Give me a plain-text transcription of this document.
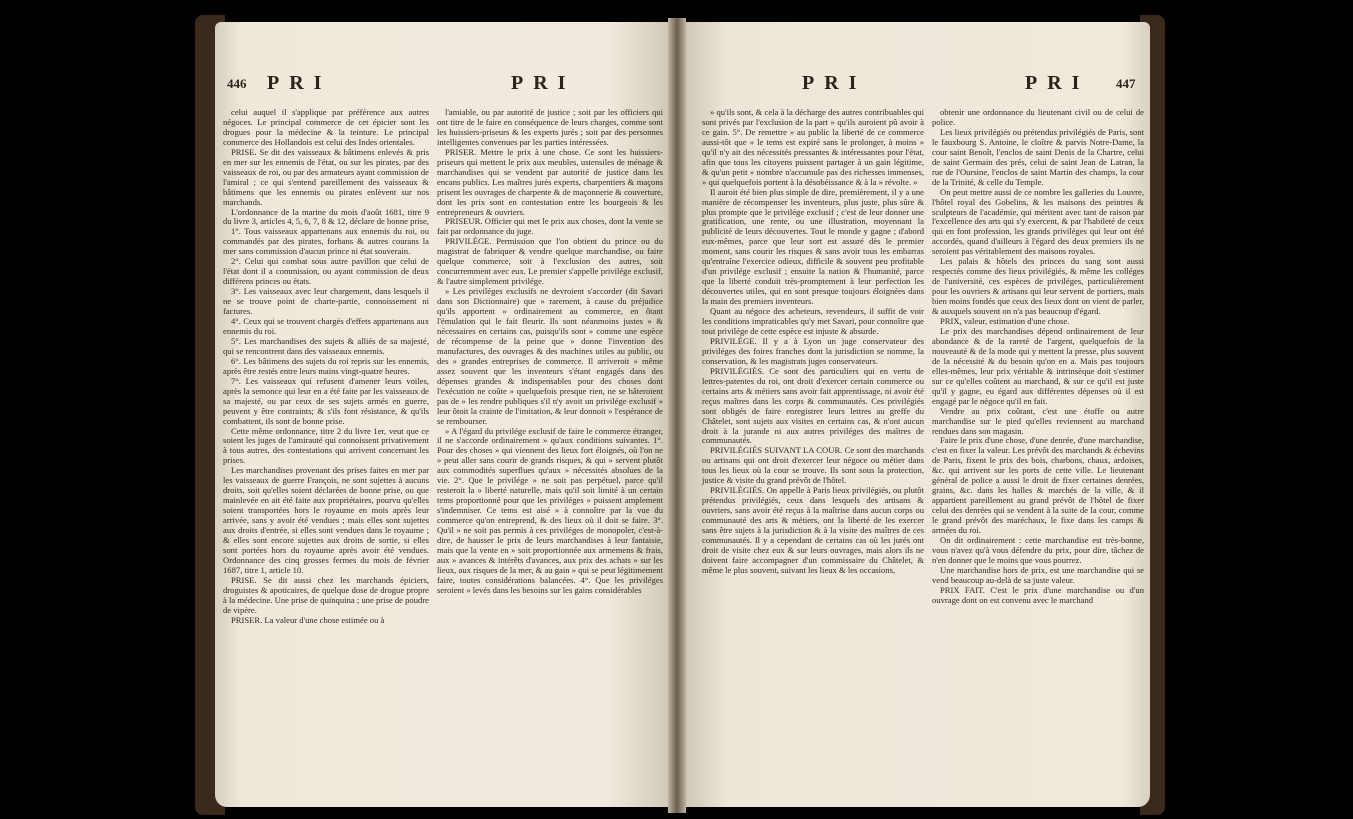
446 PRI	PRI

celui auquel il s'applique par préférence aux autres négoces. Le principal commerce de cet épicier sont les drogues pour la médecine & la teinture. Le principal commerce des Hollandois est celui des Indes orientales.

PRISE. Se dit des vaisseaux & bâtimens enlevés & pris en mer sur les ennemis de l'état, ou sur les pirates, par des vaisseaux de roi, ou par des armateurs ayant commission de l'amiral ; ce qui s'entend pareillement des vaisseaux & bâtimens que les ennemis ou pirates enlèvent sur nos marchands.

L'ordonnance de la marine du mois d'août 1681, titre 9 du livre 3, articles 4, 5, 6, 7, 8 & 12, déclare de bonne prise,

1°. Tous vaisseaux appartenans aux ennemis du roi, ou commandés par des pirates, forbans & autres courans la mer sans commission d'aucun prince ni état souverain.

2°. Celui qui combat sous autre pavillon que celui de l'état dont il a commission, ou ayant commission de deux différens princes ou états.

3°. Les vaisseaux avec leur chargement, dans lesquels il ne se trouve point de charte-partie, connoissement ni factures.

4°. Ceux qui se trouvent chargés d'effets appartenans aux ennemis du roi.

5°. Les marchandises des sujets & alliés de sa majesté, qui se rencontrent dans des vaisseaux ennemis.

6°. Les bâtimens des sujets du roi repris sur les ennemis, après être restés entre leurs mains vingt-quatre heures.

7°. Les vaisseaux qui refusent d'amener leurs voiles, après la semonce qui leur en a été faite par les vaisseaux de sa majesté, ou par ceux de ses sujets armés en guerre, peuvent y être contraints; & s'ils font résistance, & qu'ils combattent, ils sont de bonne prise.

Cette même ordonnance, titre 2 du livre 1er, veut que ce soient les juges de l'amirauté qui connoissent privativement à tous autres, des contestations qui arrivent concernant les prises.

Les marchandises provenant des prises faites en mer par les vaisseaux de guerre François, ne sont sujettes à aucuns droits, soit qu'elles soient déclarées de bonne prise, ou que mainlevée en ait été faite aux propriétaires, pourvu qu'elles soient transportées hors le royaume en mois après leur arrivée, sans y avoir été vendues ; mais elles sont sujettes aux droits d'entrée, si elles sont vendues dans le royaume ; & elles sont encore sujettes aux droits de sortie, si elles sont portées hors du royaume après avoir été vendues. Ordonnance des cinq grosses fermes du mois de février 1687, titre 1, article 10.

PRISE. Se dit aussi chez les marchands épiciers, droguistes & apoticaires, de quelque dose de drogue propre à la médecine. Une prise de quinquina ; une prise de poudre de vipère.

PRISER. La valeur d'une chose estimée ou à

l'amiable, ou par autorité de justice ; soit par les officiers qui ont titre de le faire en conséquence de leurs charges, comme sont les huissiers-priseurs & les experts jurés ; soit par des personnes intelligentes convenues par les parties intéressées.

PRISER. Mettre le prix à une chose. Ce sont les huissiers-priseurs qui mettent le prix aux meubles, ustensiles de ménage & marchandises qui se vendent par autorité de justice dans les encans publics. Les maîtres jurés experts, charpentiers & maçons prisent les ouvrages de charpente & de maçonnerie & couverture, dont les prix sont en contestation entre les bourgeois & les entrepreneurs & ouvriers.

PRISEUR. Officier qui met le prix aux choses, dont la vente se fait par ordonnance du juge.

PRIVILÉGE. Permission que l'on obtient du prince ou du magistrat de fabriquer & vendre quelque marchandise, ou faire quelque commerce, soit à l'exclusion des autres, soit concurremment avec eux. Le premier s'appelle privilége exclusif, & l'autre simplement privilége.

» Les priviléges exclusifs ne devroient s'accorder (dit Savari dans son Dictionnaire) que » rarement, à cause du préjudice qu'ils apportent » ordinairement au commerce, en ôtant l'émulation qui le fait fleurir. Ils sont néanmoins justes » & nécessaires en certains cas, puisqu'ils sont » comme une espèce de récompense de la peine que » donne l'invention des manufactures, des ouvrages & des machines utiles au public, ou des » grandes entreprises de commerce. Il arriveroit » même assez souvent que les inventeurs s'étant engagés dans des dépenses grandes & indispensables pour des choses dont l'exécution ne coûte » quelquefois presque rien, ne se hâteroient pas de » les rendre publiques s'il n'y avoit un privilége exclusif » leur ôtoit la crainte de l'imitation, & leur donnoit » l'espérance de se rembourser.

» A l'égard du privilége exclusif de faire le commerce étranger, il ne s'accorde ordinairement » qu'aux conditions suivantes. 1°. Pour des choses » qui viennent des lieux fort éloignés, où l'on ne » peut aller sans courir de grands risques, & qui » servent plutôt aux commodités superflues qu'aux » nécessités absolues de la vie. 2°. Que le privilége » ne soit pas perpétuel, parce qu'il resteroit la » liberté naturelle, mais qu'il soit limité à un certain tems proportionné pour que les priviléges » puissent amplement s'indemniser. Ce tems est aisé » à connoître par la vue du commerce qu'on entreprend, & des lieux où il doit se faire. 3°. Qu'il » ne soit pas permis à ces priviléges de monopoler, c'est-à-dire, de hausser le prix de leurs marchandises à leur fantaisie, mais que la vente en » soit proportionnée aux armemens & frais, aux » avances & intérêts d'avances, aux prix des achats » sur les lieux, aux risques de la mer, & au gain » qui se peut légitimement faire, toutes considérations balancées. 4°. Que les priviléges seroient » levés dans les besoins sur les gains considérables

PRI	PRI 447

» qu'ils sont, & cela à la décharge des autres contribuables qui sont privés par l'exclusion de la part » qu'ils auroient pû avoir à ce gain. 5°. De remettre » au public la liberté de ce commerce aussi-tôt que » le tems est expiré sans le prolonger, à moins » qu'il n'y ait des nécessités pressantes & intéressantes pour l'état, afin que tous les citoyens puissent partager à un gain légitime, & qu'un petit » nombre n'accumule pas des richesses immenses, » qui quelquefois portent à la désobéissance & à la » révolte. »

Il auroit été bien plus simple de dire, premièrement, il y a une manière de récompenser les inventeurs, plus juste, plus sûre & plus prompte que le privilége exclusif ; c'est de leur donner une gratification, une rente, ou une illustration, moyennant la publicité de leurs découvertes. Tout le monde y gagne ; d'abord eux-mêmes, parce que leur sort est assuré dès le premier moment, sans courir les risques & sans avoir tous les embarras qu'entraîne l'exercice odieux, difficile & souvent peu profitable d'un privilége exclusif ; ensuite la nation & l'humanité, parce que la liberté conduit très-promptement à leur perfection les découvertes utiles, qui en sont presque toujours éloignées dans la main des premiers inventeurs.

Quant au négoce des acheteurs, revendeurs, il suffit de voir les conditions impraticables qu'y met Savari, pour connoître que tout privilége de cette espèce est injuste & absurde.

PRIVILÉGE. Il y a à Lyon un juge conservateur des priviléges des foires franches dont la jurisdiction se nomme, la conservation, & les magistrats juges conservateurs.

PRIVILÉGIÉS. Ce sont des particuliers qui en vertu de lettres-patentes du roi, ont droit d'exercer certain commerce ou certains arts & métiers sans avoir fait apprentissage, ni avoir été reçus maîtres dans les corps & communautés. Ces privilégiés sont obligés de faire enregistrer leurs lettres au greffe du Châtelet, sont sujets aux visites en certains cas, & n'ont aucun droit à la jurande ni aux autres priviléges des maîtres de communautés.

PRIVILÉGIÉS SUIVANT LA COUR. Ce sont des marchands ou artisans qui ont droit d'exercer leur négoce ou métier dans tous les lieux où la cour se trouve. Ils sont sous la protection, justice & visite du grand prévôt de l'hôtel.

PRIVILÉGIÉS. On appelle à Paris lieux privilégiés, ou plutôt prétendus privilégiés, ceux dans lesquels des artisans & ouvriers, sans avoir été reçus à la maîtrise dans aucun corps ou communauté des arts & métiers, ont la liberté de les exercer sans être sujets à la jurisdiction & à la visite des maîtres de ces communautés. Il y a cependant de certains cas où les jurés ont droit de visite chez eux & sur leurs ouvrages, mais alors ils ne doivent faire accompagner d'un commissaire du Châtelet, & même le plus souvent, suivant les lieux & les occasions,

obtenir une ordonnance du lieutenant civil ou de celui de police.

Les lieux privilégiés ou prétendus privilégiés de Paris, sont le fauxbourg S. Antoine, le cloître & parvis Notre-Dame, la cour saint Benoît, l'enclos de saint Denis de la Chartre, celui de saint Germain des prés, celui de saint Jean de Latran, la rue de l'Oursine, l'enclos de saint Martin des champs, la cour de la Trinité, & celle du Temple.

On peut mettre aussi de ce nombre les galleries du Louvre, l'hôtel royal des Gobelins, & les maisons des peintres & sculpteurs de l'académie, qui méritent avec tant de raison par l'excellence des arts qui s'y exercent, & par l'habileté de ceux qui en font profession, les grands priviléges qui leur ont été accordés, quand d'ailleurs à l'égard des deux premiers ils ne seroient pas véritablement des maisons royales.

Les palais & hôtels des princes du sang sont aussi respectés comme des lieux privilégiés, & même les colléges de l'université, ces espèces de priviléges, particulièrement pour les ouvriers & artisans qui leur servent de portiers, mais bien moins fondés que ceux des lieux dont on vient de parler, & auxquels souvent on n'a pas beaucoup d'égard.

PRIX, valeur, estimation d'une chose.

Le prix des marchandises dépend ordinairement de leur abondance & de la rareté de l'argent, quelquefois de la nouveauté & de la mode qui y mettent la presse, plus souvent de la nécessité & du besoin qu'on en a. Mais pas toujours elles-mêmes, leur prix véritable & intrinsèque doit s'estimer sur ce qu'elles coûtent au marchand, & sur ce qu'il est juste qu'il y gagne, eu égard aux différentes dépenses où il est engagé par le négoce qu'il en fait.

Vendre au prix coûtant, c'est une étoffe ou autre marchandise sur le pied qu'elles reviennent au marchand rendues dans son magasin.

Faire le prix d'une chose, d'une denrée, d'une marchandise, c'est en fixer la valeur. Les prévôt des marchands & échevins de Paris, fixent le prix des bois, charbons, chaux, ardoises, &c. qui arrivent sur les ports de cette ville. Le lieutenant général de police a aussi le droit de fixer certaines denrées, grains, &c. dans les halles & marchés de la ville, & il appartient pareillement au grand prévôt de l'hôtel de fixer celui des denrées qui se vendent à la suite de la cour, comme le grand prévôt des maréchaux, le fixe dans les camps & armées du roi.

On dit ordinairement : cette marchandise est très-bonne, vous n'avez qu'à vous défendre du prix, pour dire, tâchez de n'en donner que le moins que vous pourrez.

Une marchandise hors de prix, est une marchandise qui se vend beaucoup au-delà de sa juste valeur.

PRIX FAIT. C'est le prix d'une marchandise ou d'un ouvrage dont on est convenu avec le marchand
